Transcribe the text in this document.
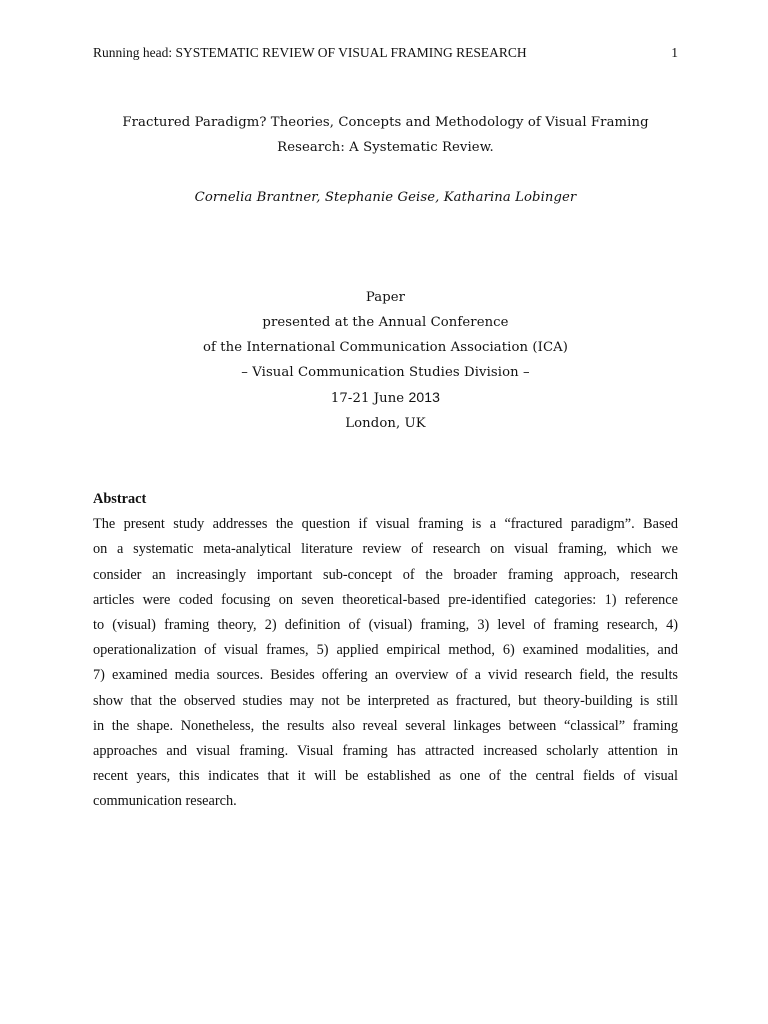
Running head: SYSTEMATIC REVIEW OF VISUAL FRAMING RESEARCH	1
Fractured Paradigm? Theories, Concepts and Methodology of Visual Framing
Research: A Systematic Review.
Cornelia Brantner, Stephanie Geise, Katharina Lobinger
Paper
presented at the Annual Conference
of the International Communication Association (ICA)
– Visual Communication Studies Division –
17-21 June 2013
London, UK
Abstract
The present study addresses the question if visual framing is a “fractured paradigm”. Based
on a systematic meta-analytical literature review of research on visual framing, which we
consider an increasingly important sub-concept of the broader framing approach, research
articles were coded focusing on seven theoretical-based pre-identified categories: 1) reference
to (visual) framing theory, 2) definition of (visual) framing, 3) level of framing research, 4)
operationalization of visual frames, 5) applied empirical method, 6) examined modalities, and
7) examined media sources. Besides offering an overview of a vivid research field, the results
show that the observed studies may not be interpreted as fractured, but theory-building is still
in the shape. Nonetheless, the results also reveal several linkages between “classical” framing
approaches and visual framing. Visual framing has attracted increased scholarly attention in
recent years, this indicates that it will be established as one of the central fields of visual
communication research.
